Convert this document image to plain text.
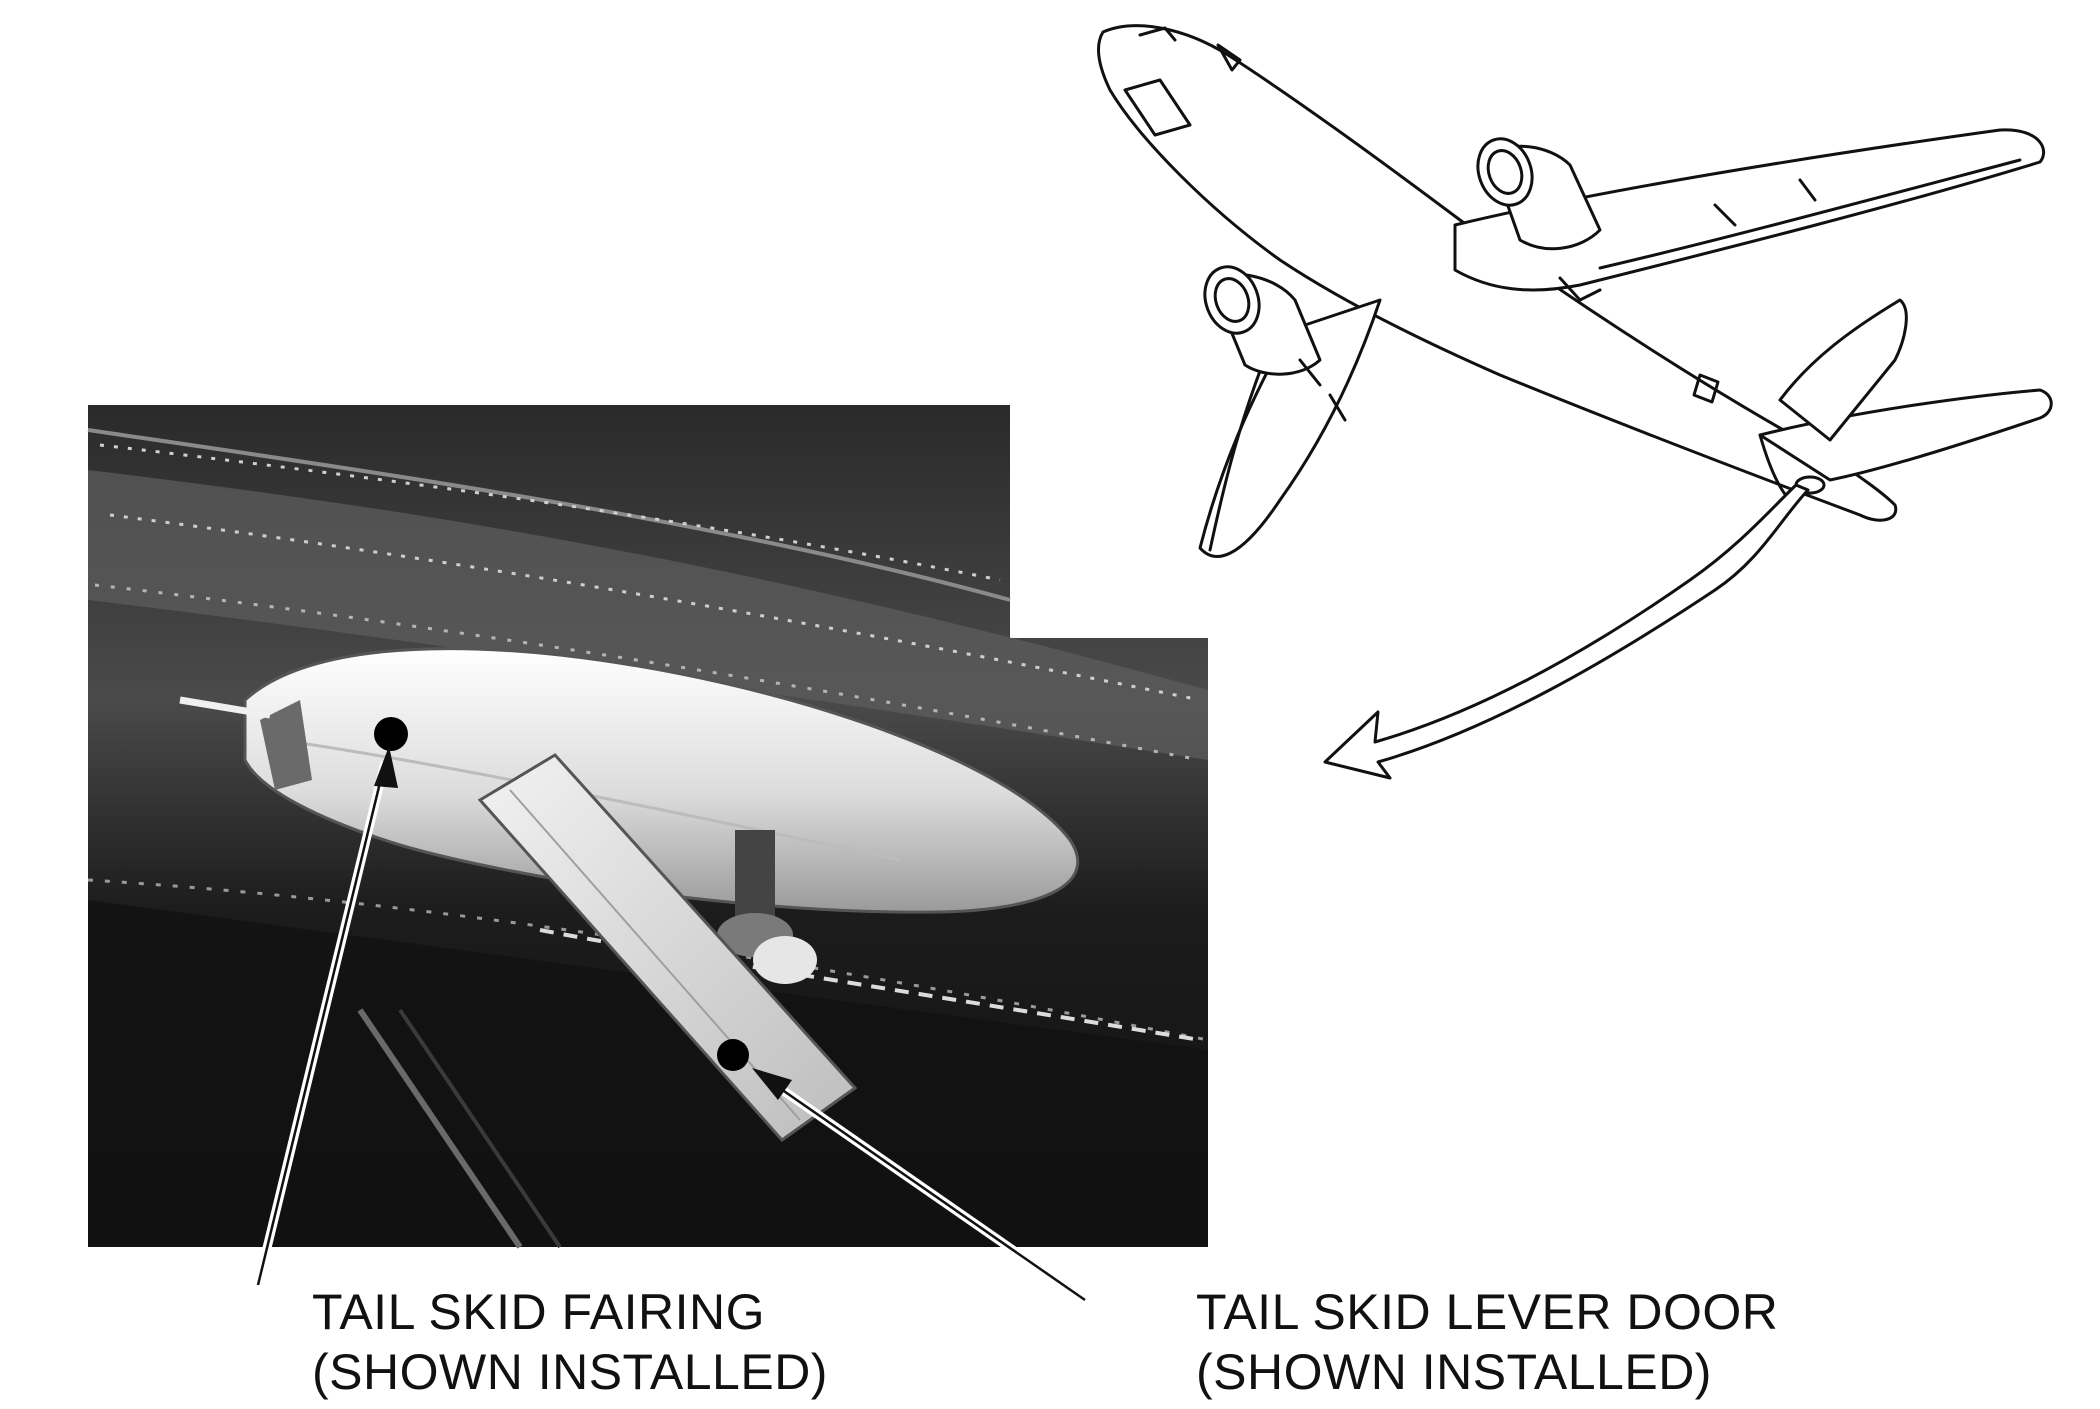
TAIL SKID FAIRING
(SHOWN INSTALLED)
TAIL SKID LEVER DOOR
(SHOWN INSTALLED)
